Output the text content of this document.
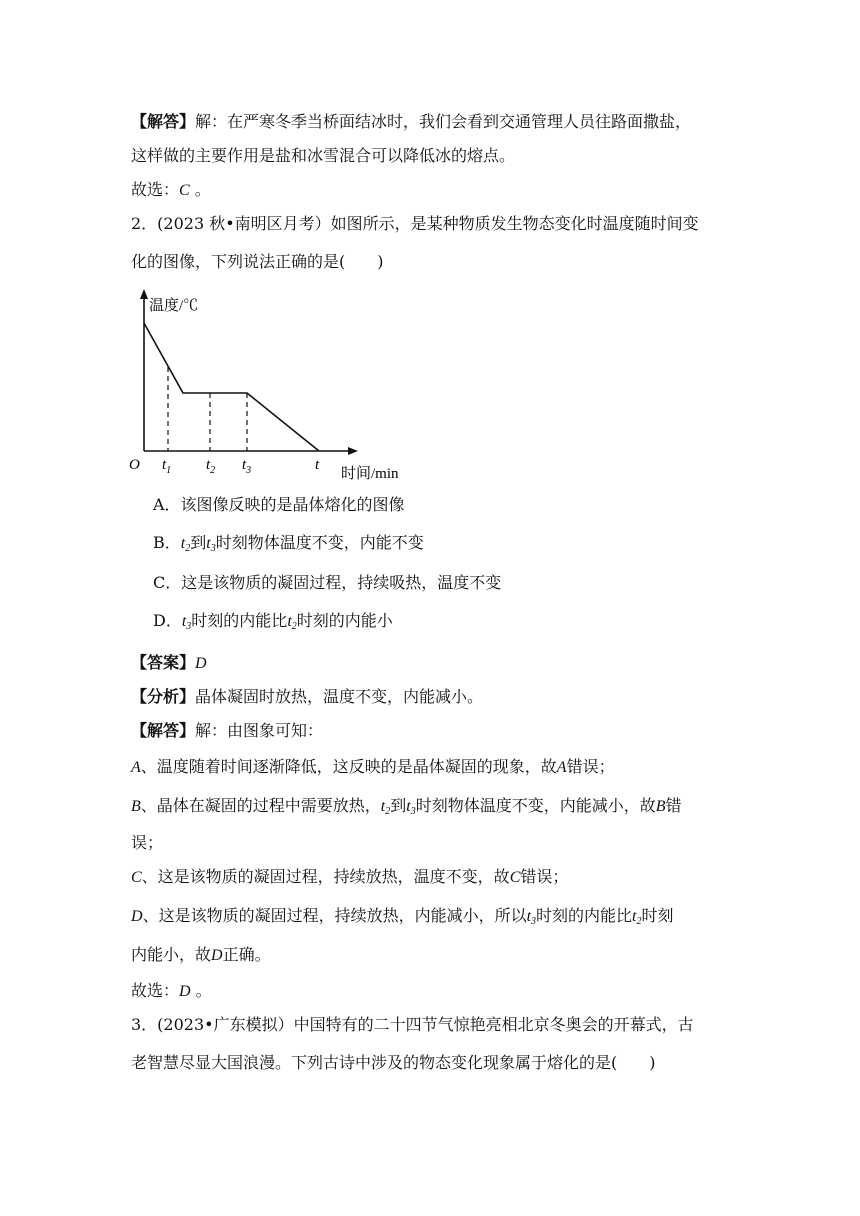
【解答】解：在严寒冬季当桥面结冰时，我们会看到交通管理人员往路面撒盐，
这样做的主要作用是盐和冰雪混合可以降低冰的熔点。
故选：C 。
2．(2023 秋•南明区月考）如图所示，是某种物质发生物态变化时温度随时间变
化的图像，下列说法正确的是(　　)
温度/℃
时间/min
O $t_1$ $t_2$ $t_3$	t
A．该图像反映的是晶体熔化的图像
B．$t_2$到$t_3$时刻物体温度不变，内能不变
C．这是该物质的凝固过程，持续吸热，温度不变
D．$t_3$时刻的内能比$t_2$时刻的内能小
【答案】D
【分析】晶体凝固时放热，温度不变，内能减小。
【解答】解：由图象可知：
A、温度随着时间逐渐降低，这反映的是晶体凝固的现象，故A错误；
B、晶体在凝固的过程中需要放热，$t_2$到$t_3$时刻物体温度不变，内能减小，故B错
误；
C、这是该物质的凝固过程，持续放热，温度不变，故C错误；
D、这是该物质的凝固过程，持续放热，内能减小，所以$t_3$时刻的内能比$t_2$时刻
内能小，故D正确。
故选：D 。
3．(2023•广东模拟）中国特有的二十四节气惊艳亮相北京冬奥会的开幕式，古
老智慧尽显大国浪漫。下列古诗中涉及的物态变化现象属于熔化的是(　　)
